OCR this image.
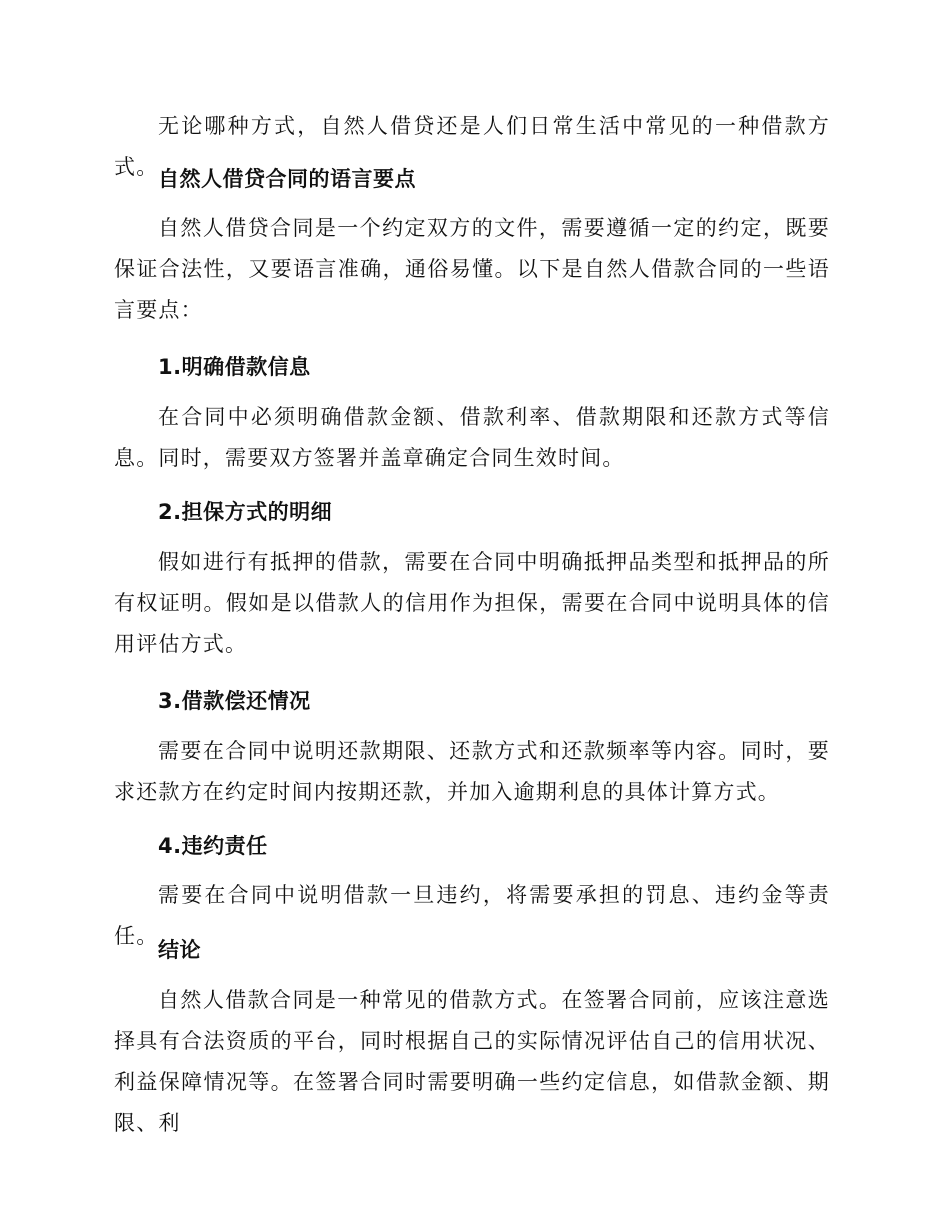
无论哪种方式，自然人借贷还是人们日常生活中常见的一种借款方式。 自然人借贷合同的语言要点

自然人借贷合同是一个约定双方的文件，需要遵循一定的约定，既要保证合法性，又要语言准确，通俗易懂。以下是自然人借款合同的一些语言要点：

1.明确借款信息

在合同中必须明确借款金额、借款利率、借款期限和还款方式等信息。同时，需要双方签署并盖章确定合同生效时间。

2.担保方式的明细

假如进行有抵押的借款，需要在合同中明确抵押品类型和抵押品的所有权证明。假如是以借款人的信用作为担保，需要在合同中说明具体的信用评估方式。

3.借款偿还情况

需要在合同中说明还款期限、还款方式和还款频率等内容。同时，要求还款方在约定时间内按期还款，并加入逾期利息的具体计算方式。

4.违约责任

需要在合同中说明借款一旦违约，将需要承担的罚息、违约金等责任。

结论

自然人借款合同是一种常见的借款方式。在签署合同前，应该注意选择具有合法资质的平台，同时根据自己的实际情况评估自己的信用状况、利益保障情况等。在签署合同时需要明确一些约定信息，如借款金额、期限、利
